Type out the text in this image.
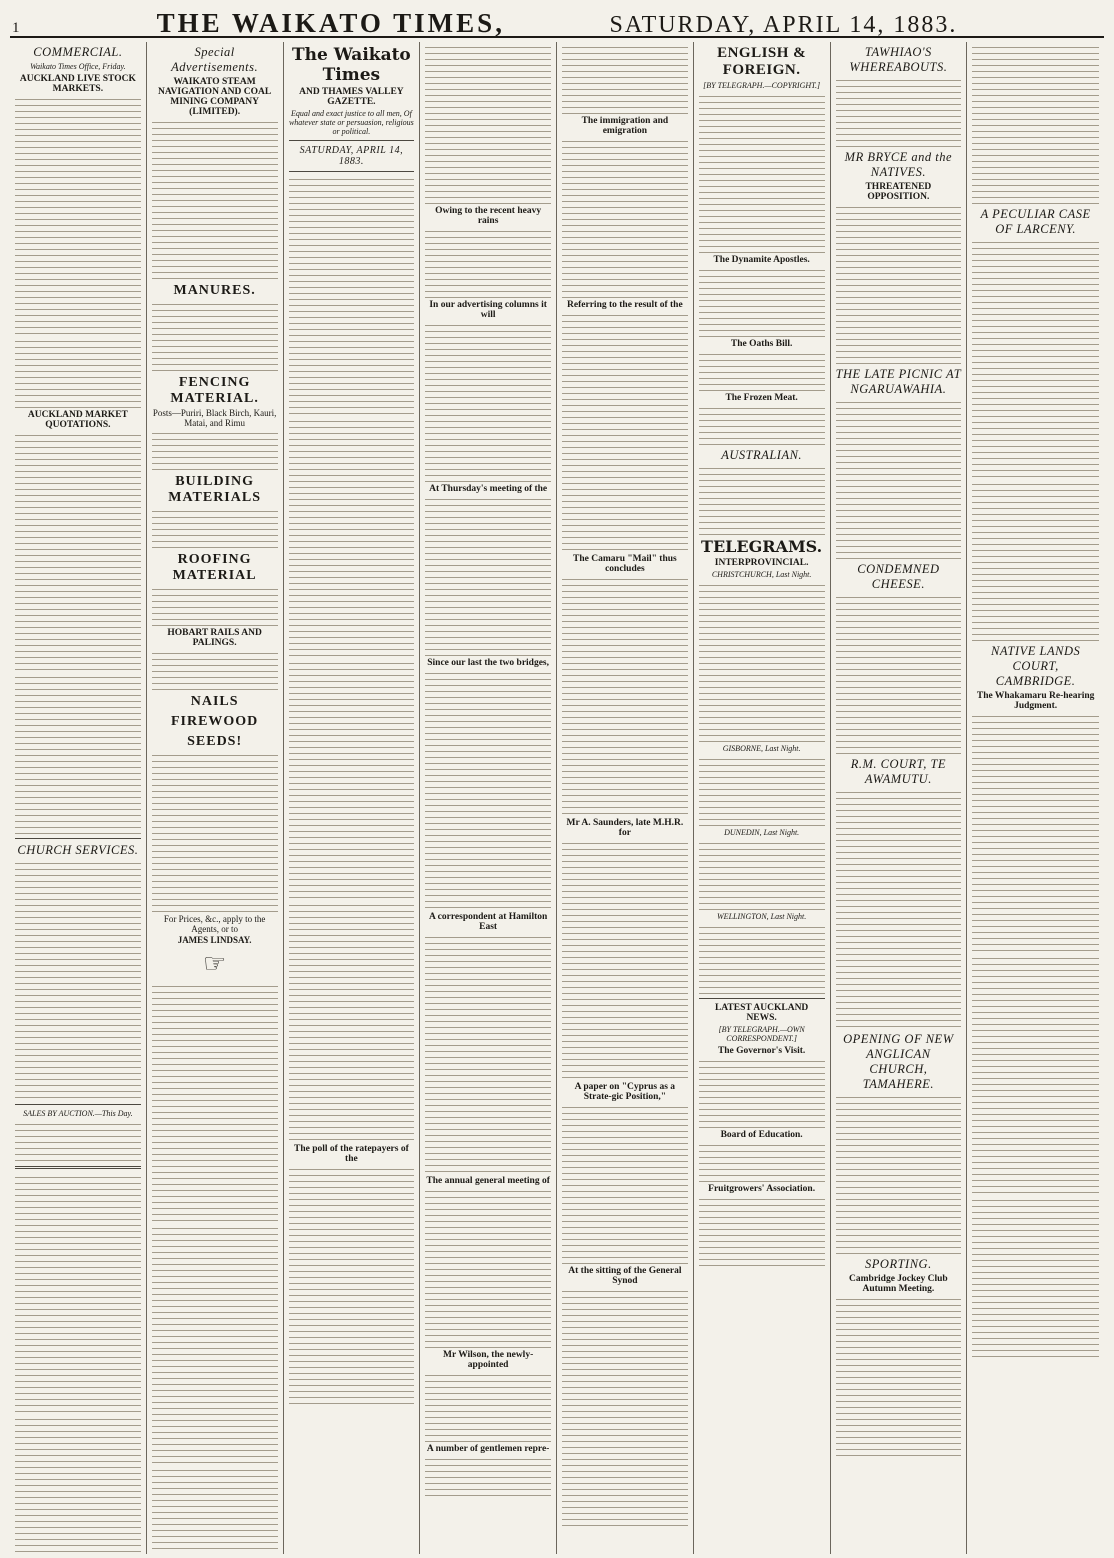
1	THE WAIKATO TIMES,	SATURDAY, APRIL 14, 1883.
COMMERCIAL.
Waikato Times Office, Friday.
AUCKLAND LIVE STOCK MARKETS.
AUCKLAND MARKET QUOTATIONS.
CHURCH SERVICES.
SALES BY AUCTION.—This Day.
Special Advertisements.
WAIKATO STEAM NAVIGATION AND COAL MINING COMPANY (LIMITED).
MANURES.
FENCING MATERIAL.
Posts—Puriri, Black Birch, Kauri, Matai, and Rimu
BUILDING MATERIALS
ROOFING MATERIAL
HOBART RAILS AND PALINGS.
NAILS
FIREWOOD
SEEDS!
For Prices, &c., apply to the Agents, or to
JAMES LINDSAY.
☞
The Waikato Times
AND THAMES VALLEY GAZETTE.
Equal and exact justice to all men, Of whatever state or persuasion, religious or political.
SATURDAY, APRIL 14, 1883.
The poll of the ratepayers of the
Owing to the recent heavy rains
In our advertising columns it will
At Thursday's meeting of the
Since our last the two bridges,
A correspondent at Hamilton East
The annual general meeting of
Mr Wilson, the newly-appointed
A number of gentlemen repre-
The immigration and emigration
Referring to the result of the
The Camaru "Mail" thus concludes
Mr A. Saunders, late M.H.R. for
A paper on "Cyprus as a Strate-gic Position,"
At the sitting of the General Synod
ENGLISH & FOREIGN.
[BY TELEGRAPH.—COPYRIGHT.]
The Dynamite Apostles.
The Oaths Bill.
The Frozen Meat.
AUSTRALIAN.
TELEGRAMS.
INTERPROVINCIAL.
CHRISTCHURCH, Last Night.
GISBORNE, Last Night.
DUNEDIN, Last Night.
WELLINGTON, Last Night.
LATEST AUCKLAND NEWS.
[BY TELEGRAPH.—OWN CORRESPONDENT.]
The Governor's Visit.
Board of Education.
Fruitgrowers' Association.
TAWHIAO'S WHEREABOUTS.
MR BRYCE and the NATIVES.
THREATENED OPPOSITION.
THE LATE PICNIC AT NGARUAWAHIA.
CONDEMNED CHEESE.
R.M. COURT, TE AWAMUTU.
OPENING OF NEW ANGLICAN CHURCH, TAMAHERE.
SPORTING.
Cambridge Jockey Club Autumn Meeting.
A PECULIAR CASE OF LARCENY.
NATIVE LANDS COURT, CAMBRIDGE.
The Whakamaru Re-hearing Judgment.
